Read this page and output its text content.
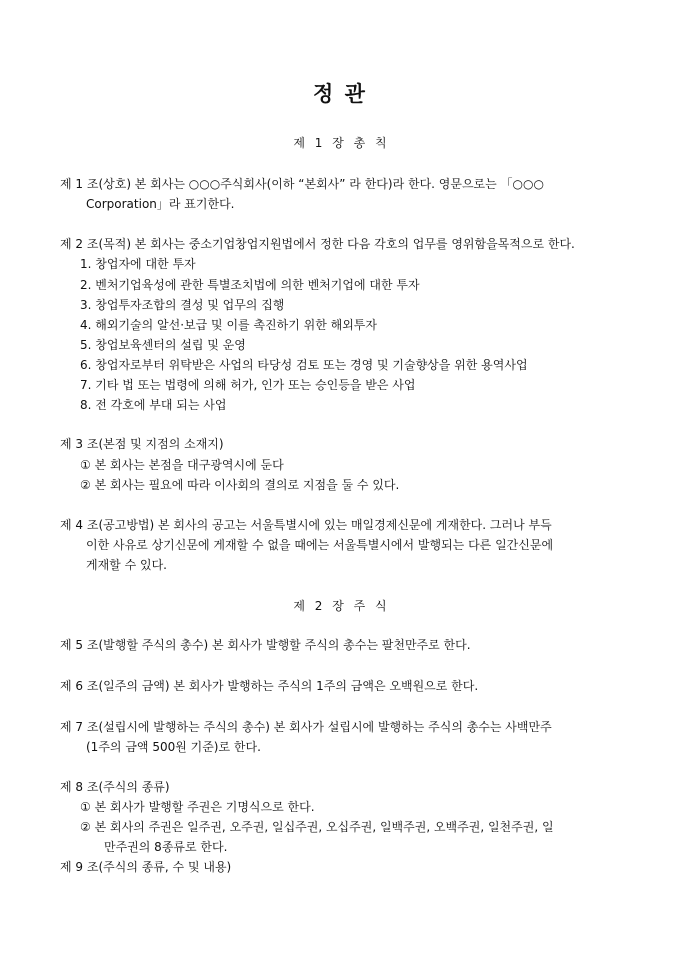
정 관
제 1 장 총 칙
제 1 조(상호) 본 회사는 ○○○주식회사(이하 “본회사” 라 한다)라 한다. 영문으로는 「○○○
Corporation」라 표기한다.
제 2 조(목적) 본 회사는 중소기업창업지원법에서 정한 다음 각호의 업무를 영위함을목적으로 한다.
1. 창업자에 대한 투자
2. 벤처기업육성에 관한 특별조치법에 의한 벤처기업에 대한 투자
3. 창업투자조합의 결성 및 업무의 집행
4. 해외기술의 알선·보급 및 이를 촉진하기 위한 해외투자
5. 창업보육센터의 설립 및 운영
6. 창업자로부터 위탁받은 사업의 타당성 검토 또는 경영 및 기술향상을 위한 용역사업
7. 기타 법 또는 법령에 의해 허가, 인가 또는 승인등을 받은 사업
8. 전 각호에 부대 되는 사업
제 3 조(본점 및 지점의 소재지)
① 본 회사는 본점을 대구광역시에 둔다
② 본 회사는 필요에 따라 이사회의 결의로 지점을 둘 수 있다.
제 4 조(공고방법) 본 회사의 공고는 서울특별시에 있는 매일경제신문에 게재한다. 그러나 부득
이한 사유로 상기신문에 게재할 수 없을 때에는 서울특별시에서 발행되는 다른 일간신문에
게재할 수 있다.
제 2 장 주 식
제 5 조(발행할 주식의 총수) 본 회사가 발행할 주식의 총수는 팔천만주로 한다.
제 6 조(일주의 금액) 본 회사가 발행하는 주식의 1주의 금액은 오백원으로 한다.
제 7 조(설립시에 발행하는 주식의 총수) 본 회사가 설립시에 발행하는 주식의 총수는 사백만주
(1주의 금액 500원 기준)로 한다.
제 8 조(주식의 종류)
① 본 회사가 발행할 주권은 기명식으로 한다.
② 본 회사의 주권은 일주권, 오주권, 일십주권, 오십주권, 일백주권, 오백주권, 일천주권, 일
만주권의 8종류로 한다.
제 9 조(주식의 종류, 수 및 내용)
